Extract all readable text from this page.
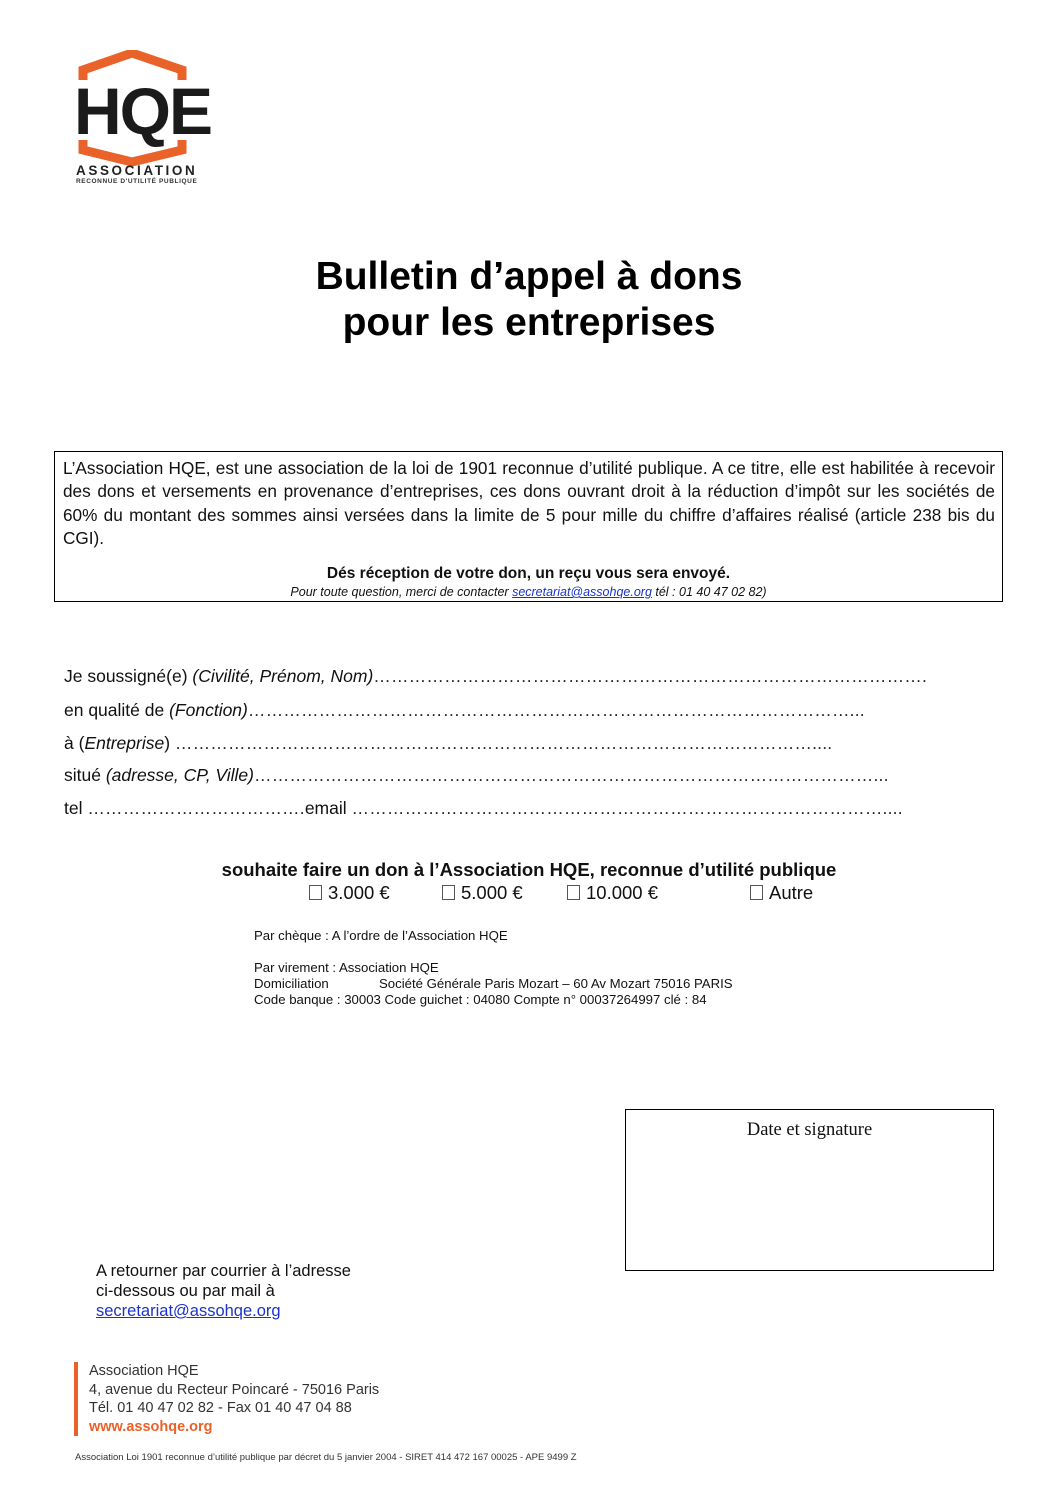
HQE
ASSOCIATION
RECONNUE D'UTILITÉ PUBLIQUE
Bulletin d’appel à dons
pour les entreprises
L’Association HQE, est une association de la loi de 1901 reconnue d’utilité publique. A ce titre, elle est habilitée à recevoir des dons et versements en provenance d’entreprises, ces dons ouvrant droit à la réduction d’impôt sur les sociétés de 60% du montant des sommes ainsi versées dans la limite de 5 pour mille du chiffre d’affaires réalisé (article 238 bis du CGI).
Dés réception de votre don, un reçu vous sera envoyé.
Pour toute question, merci de contacter secretariat@assohqe.org tél : 01 40 47 02 82)
Je soussigné(e) (Civilité, Prénom, Nom)………………………………………………………………………………….
en qualité de (Fonction)…………………………………………………………………………………………...
à (Entreprise) ………………………………………………………………………………………………....
situé (adresse, CP, Ville)……………………………………………………………………………………………...
tel ……………………………….email ………………………………………………………………………………....
souhaite faire un don à l’Association HQE, reconnue d’utilité publique
3.000 €	5.000 €	10.000 €	Autre
Par chèque : A l’ordre de l’Association HQE
Par virement : Association HQE
Domiciliation	Société Générale Paris Mozart – 60 Av Mozart 75016 PARIS
Code banque : 30003 Code guichet : 04080 Compte n° 00037264997 clé : 84
Date et signature
A retourner par courrier à l’adresse
ci-dessous ou par mail à
secretariat@assohqe.org
Association HQE
4, avenue du Recteur Poincaré - 75016 Paris
Tél. 01 40 47 02 82 - Fax 01 40 47 04 88
www.assohqe.org
Association Loi 1901 reconnue d’utilité publique par décret du 5 janvier 2004 - SIRET 414 472 167 00025 - APE 9499 Z
